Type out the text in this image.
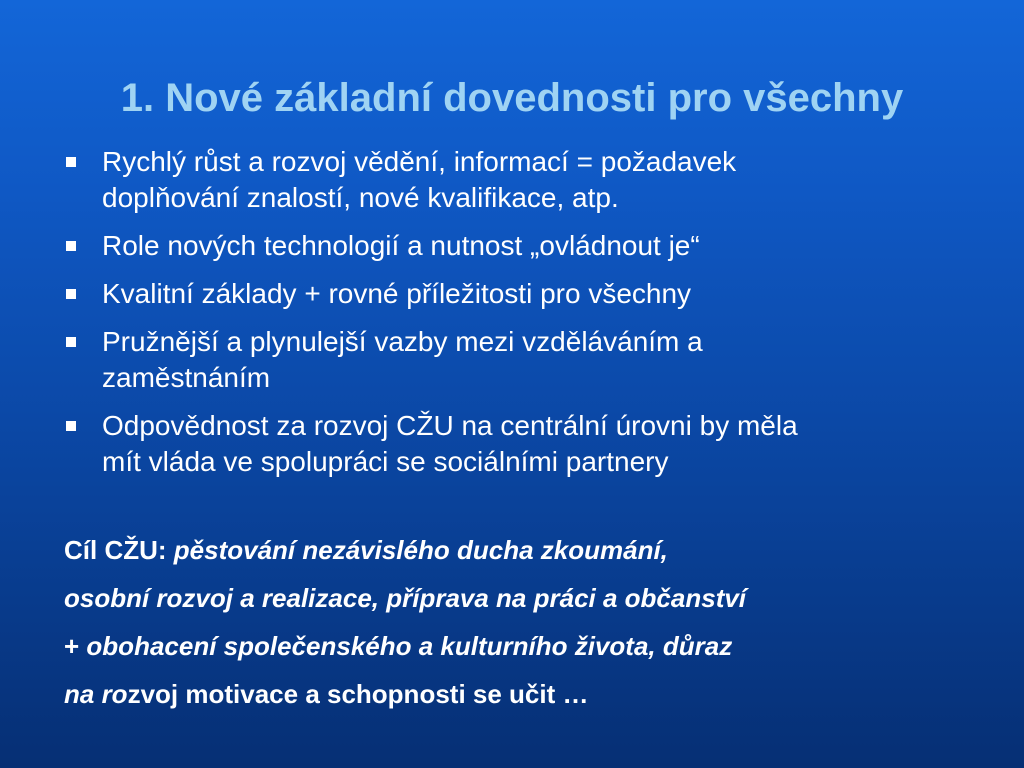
1. Nové základní dovednosti pro všechny
Rychlý růst a rozvoj vědění, informací = požadavek
doplňování znalostí, nové kvalifikace, atp.
Role nových technologií a nutnost „ovládnout je“
Kvalitní základy + rovné příležitosti pro všechny
Pružnější a plynulejší vazby mezi vzděláváním a
zaměstnáním
Odpovědnost za rozvoj CŽU na centrální úrovni by měla
mít vláda ve spolupráci se sociálními partnery
Cíl CŽU: pěstování nezávislého ducha zkoumání,
osobní rozvoj a realizace, příprava na práci a občanství
+ obohacení společenského a kulturního života, důraz
na rozvoj motivace a schopnosti se učit …
